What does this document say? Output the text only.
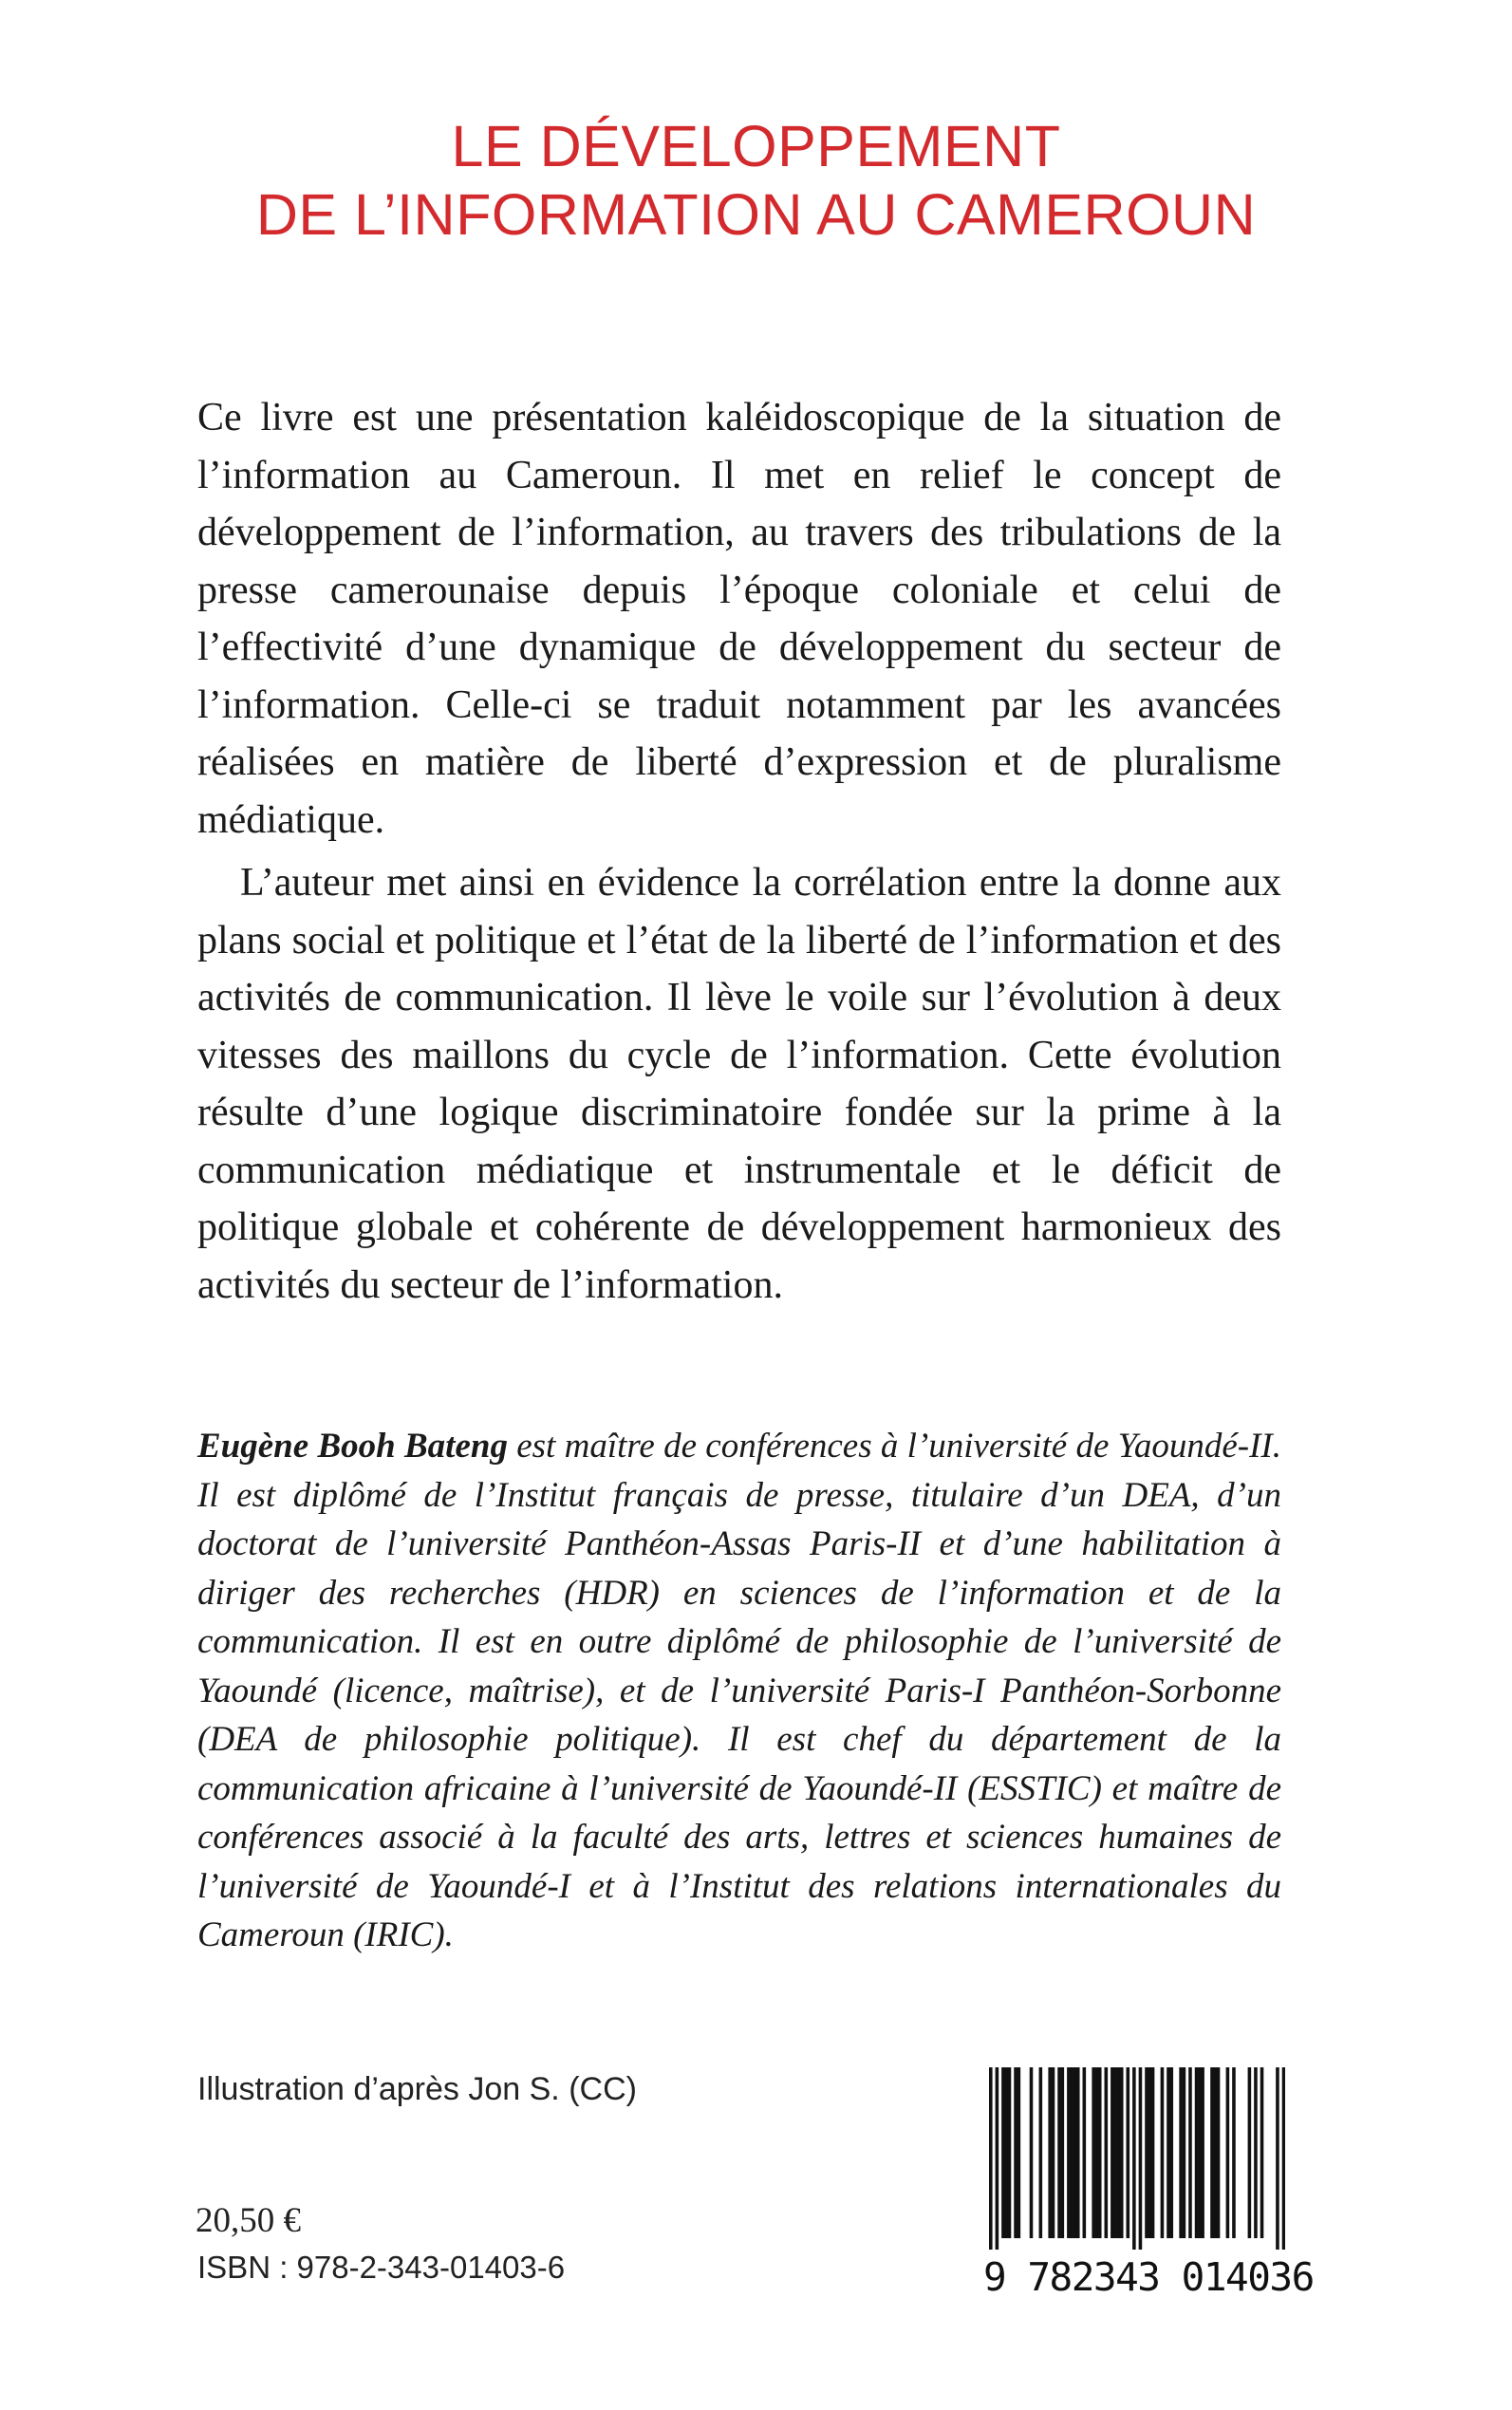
LE DÉVELOPPEMENT
DE L’INFORMATION AU CAMEROUN

Ce livre est une présentation kaléidoscopique de la situation de l’information au Cameroun. Il met en relief le concept de développement de l’information, au travers des tribulations de la presse camerounaise depuis l’époque coloniale et celui de l’effectivité d’une dynamique de développement du secteur de l’information. Celle-ci se traduit notamment par les avancées réalisées en matière de liberté d’expression et de pluralisme médiatique.

L’auteur met ainsi en évidence la corrélation entre la donne aux plans social et politique et l’état de la liberté de l’information et des activités de communication. Il lève le voile sur l’évolution à deux vitesses des maillons du cycle de l’information. Cette évolution résulte d’une logique discriminatoire fondée sur la prime à la communication médiatique et instrumentale et le déficit de politique globale et cohérente de développement harmonieux des activités du secteur de l’information.

Eugène Booh Bateng est maître de conférences à l’université de Yaoundé-II. Il est diplômé de l’Institut français de presse, titulaire d’un DEA, d’un doctorat de l’université Panthéon-Assas Paris-II et d’une habilitation à diriger des recherches (HDR) en sciences de l’information et de la communication. Il est en outre diplômé de philosophie de l’université de Yaoundé (licence, maîtrise), et de l’université Paris-I Panthéon-Sorbonne (DEA de philosophie politique). Il est chef du département de la communication africaine à l’université de Yaoundé-II (ESSTIC) et maître de conférences associé à la faculté des arts, lettres et sciences humaines de l’université de Yaoundé-I et à l’Institut des relations internationales du Cameroun (IRIC).

Illustration d’après Jon S. (CC)
20,50 €
ISBN : 978-2-343-01403-6	9 782343 014036
